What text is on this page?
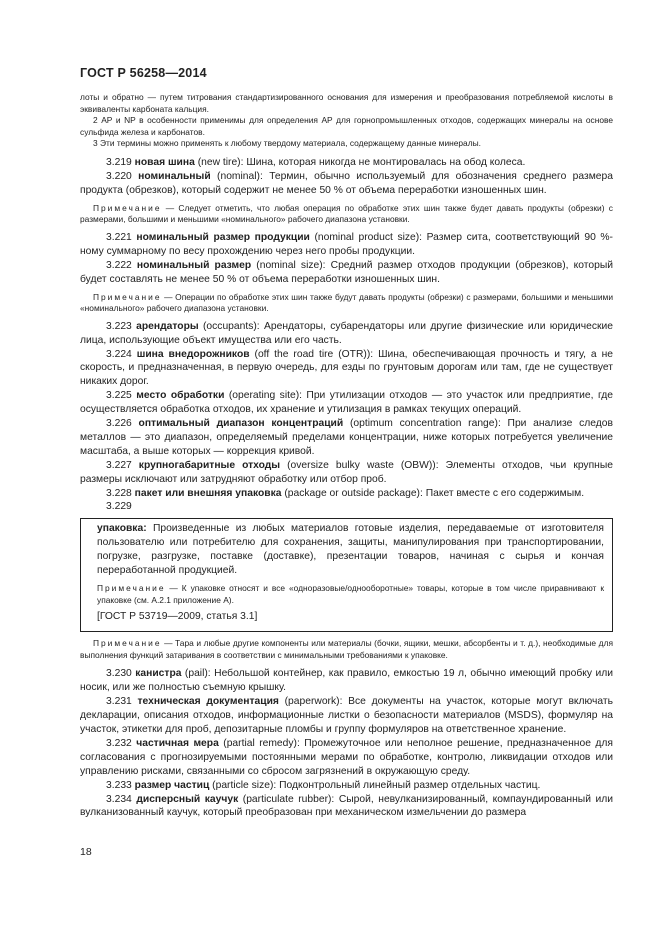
ГОСТ Р 56258—2014

лоты и обратно — путем титрования стандартизированного основания для измерения и преобразования потребляемой кислоты в эквиваленты карбоната кальция.

2 АР и NP в особенности применимы для определения АР для горнопромышленных отходов, содержащих минералы на основе сульфида железа и карбонатов.

3 Эти термины можно применять к любому твердому материала, содержащему данные минералы.

3.219 новая шина (new tire): Шина, которая никогда не монтировалась на обод колеса.

3.220 номинальный (nominal): Термин, обычно используемый для обозначения среднего размера продукта (обрезков), который содержит не менее 50 % от объема переработки изношенных шин.

Примечание — Следует отметить, что любая операция по обработке этих шин также будет давать продукты (обрезки) с размерами, большими и меньшими «номинального» рабочего диапазона установки.

3.221 номинальный размер продукции (nominal product size): Размер сита, соответствующий 90 %-ному суммарному по весу прохождению через него пробы продукции.

3.222 номинальный размер (nominal size): Средний размер отходов продукции (обрезков), который будет составлять не менее 50 % от объема переработки изношенных шин.

Примечание — Операции по обработке этих шин также будут давать продукты (обрезки) с размерами, большими и меньшими «номинального» рабочего диапазона установки.

3.223 арендаторы (occupants): Арендаторы, субарендаторы или другие физические или юридические лица, использующие объект имущества или его часть.

3.224 шина внедорожников (off the road tire (OTR)): Шина, обеспечивающая прочность и тягу, а не скорость, и предназначенная, в первую очередь, для езды по грунтовым дорогам или там, где не существует никаких дорог.

3.225 место обработки (operating site): При утилизации отходов — это участок или предприятие, где осуществляется обработка отходов, их хранение и утилизация в рамках текущих операций.

3.226 оптимальный диапазон концентраций (optimum concentration range): При анализе следов металлов — это диапазон, определяемый пределами концентрации, ниже которых потребуется увеличение масштаба, а выше которых — коррекция кривой.

3.227 крупногабаритные отходы (oversize bulky waste (OBW)): Элементы отходов, чьи крупные размеры исключают или затрудняют обработку или отбор проб.

3.228 пакет или внешняя упаковка (package or outside package): Пакет вместе с его содержимым.

3.229

упаковка: Произведенные из любых материалов готовые изделия, передаваемые от изготовителя пользователю или потребителю для сохранения, защиты, манипулирования при транспортировании, погрузке, разгрузке, поставке (доставке), презентации товаров, начиная с сырья и кончая переработанной продукцией.

Примечание — К упаковке относят и все «одноразовые/однооборотные» товары, которые в том числе приравнивают к упаковке (см. А.2.1 приложение А).

[ГОСТ Р 53719—2009, статья 3.1]

Примечание — Тара и любые другие компоненты или материалы (бочки, ящики, мешки, абсорбенты и т. д.), необходимые для выполнения функций затаривания в соответствии с минимальными требованиями к упаковке.

3.230 канистра (pail): Небольшой контейнер, как правило, емкостью 19 л, обычно имеющий пробку или носик, или же полностью съемную крышку.

3.231 техническая документация (paperwork): Все документы на участок, которые могут включать декларации, описания отходов, информационные листки о безопасности материалов (MSDS), формуляр на участок, этикетки для проб, депозитарные пломбы и группу формуляров на ответственное хранение.

3.232 частичная мера (partial remedy): Промежуточное или неполное решение, предназначенное для согласования с прогнозируемыми постоянными мерами по обработке, контролю, ликвидации отходов или управлению рисками, связанными со сбросом загрязнений в окружающую среду.

3.233 размер частиц (particle size): Подконтрольный линейный размер отдельных частиц.

3.234 дисперсный каучук (particulate rubber): Сырой, невулканизированный, компаундированный или вулканизованный каучук, который преобразован при механическом измельчении до размера

18
